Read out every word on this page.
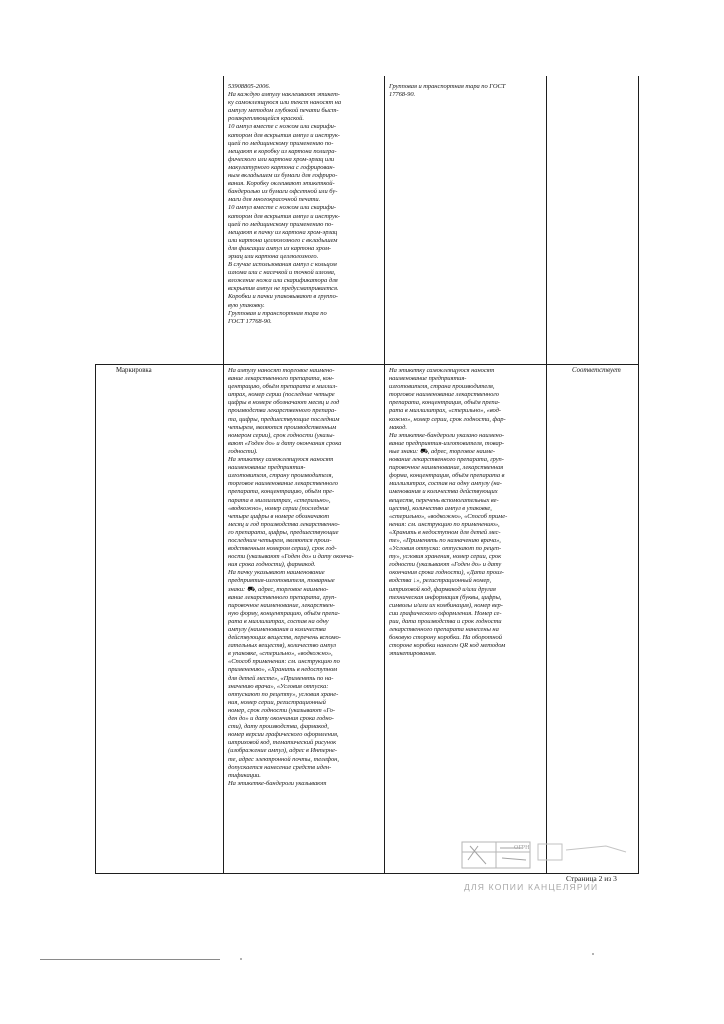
53908805-2006.
На каждую ампулу наклеивают этикет-
ку самоклеящуюся или текст наносят на
ампулу методом глубокой печати быст-
розакрепляющейся краской.
10 ампул вместе с ножом или скарифи-
катором для вскрытия ампул и инструк-
цией по медицинскому применению по-
мещают в коробку из картона полигра-
фического или картона хром-эрзац или
макулатурного картона с гофрирован-
ным вкладышем из бумаги для гофриро-
вания. Коробку оклеивают этикеткой-
бандеролью из бумаги офсетной или бу-
маги для многокрасочной печати.
10 ампул вместе с ножом или скарифи-
катором для вскрытия ампул и инструк-
цией по медицинскому применению по-
мещают в пачку из картона хром-эрзац
или картона целлюлозного с вкладышем
для фиксации ампул из картона хром-
эрзац или картона целлюлозного.
В случае использования ампул с кольцом
излома или с насечкой и точкой излома,
вложение ножа или скарификатора для
вскрытия ампул не предусматривается.
Коробки и пачки упаковывают в группо-
вую упаковку.
Групповая и транспортная тара по
ГОСТ 17768-90.
Групповая и транспортная тара по ГОСТ
17768-90.
Маркировка	На ампулу наносят торговое наимено-
вание лекарственного препарата, кон-
центрацию, объём препарата в миллил-
итрах, номер серии (последние четыре
цифры в номере обозначают месяц и год
производства лекарственного препара-
та, цифры, предшествующие последним
четырем, являются производственным
номером серии), срок годности (указы-
вают «Годен до» и дату окончания срока
годности).
На этикетку самоклеящуюся наносят
наименование предприятия-
изготовителя, страну производителя,
торговое наименование лекарственного
препарата, концентрацию, объём пре-
парата в миллилитрах, «стерильно»,
«водкожно», номер серии (последние
четыре цифры в номере обозначают
месяц и год производства лекарственно-
го препарата, цифры, предшествующие
последним четырем, являются произ-
водственным номером серии), срок год-
ности (указывают «Годен до» и дату оконча-
ния срока годности), фармакод.
На пачку указывают наименование
предприятия-изготовителя, товарные
знаки: ⛟, адрес, торговое наимено-
вание лекарственного препарата, груп-
пировочное наименование, лекарствен-
ную форму, концентрацию, объём препа-
рата в миллилитрах, состав на одну
ампулу (наименования и количества
действующих веществ, перечень вспомо-
гательных веществ), количество ампул
в упаковке, «стерильно», «водкожно»,
«Способ применения: см. инструкцию по
применению», «Хранить в недоступном
для детей месте», «Применять по на-
значению врача», «Условия отпуска:
отпускают по рецепту», условия хране-
ния, номер серии, регистрационный
номер, срок годности (указывают «Го-
ден до» и дату окончания срока годно-
сти), дату производства, фармакод,
номер версии графического оформления,
штриховой код, тематический рисунок
(изображение ампул), адрес в Интерне-
те, адрес электронной почты, телефон,
допускается нанесение средств иден-
тификации.
На этикетке-бандероли указывают
На этикетку самоклеящуюся наносят
наименование предприятия-
изготовителя, страна производителя,
торговое наименование лекарственного
препарата, концентрация, объём препа-
рата в миллилитрах, «стерильно», «вод-
кожно», номер серии, срок годности, фар-
макод.
На этикетке-бандероли указано наимено-
вание предприятия-изготовителя, товар-
ные знаки: ⛟, адрес, торговое наиме-
нование лекарственного препарата, груп-
пировочное наименование, лекарственная
форма, концентрация, объём препарата в
миллилитрах, состав на одну ампулу (на-
именования и количества действующих
веществ, перечень вспомогательных ве-
ществ), количество ампул в упаковке,
«стерильно», «водкожно», «Способ приме-
нения: см. инструкцию по применению»,
«Хранить в недоступном для детей мес-
те», «Применять по назначению врача»,
«Условия отпуска: отпускают по рецеп-
ту», условия хранения, номер серии, срок
годности (указывают «Годен до» и дату
окончания срока годности), «Дата произ-
водства ↓», регистрационный номер,
штриховой код, фармакод и/или другая
техническая информация (буквы, цифры,
символы и/или их комбинация), номер вер-
сии графического оформления. Номер се-
рии, дата производства и срок годности
лекарственного препарата нанесены на
боковую сторону коробки. На оборотной
стороне коробки нанесен QR код методом
этикетирования.
Соответствует
ОГРН
ДЛЯ КОПИИ КАНЦЕЛЯРИИ
Страница 2 из 3
